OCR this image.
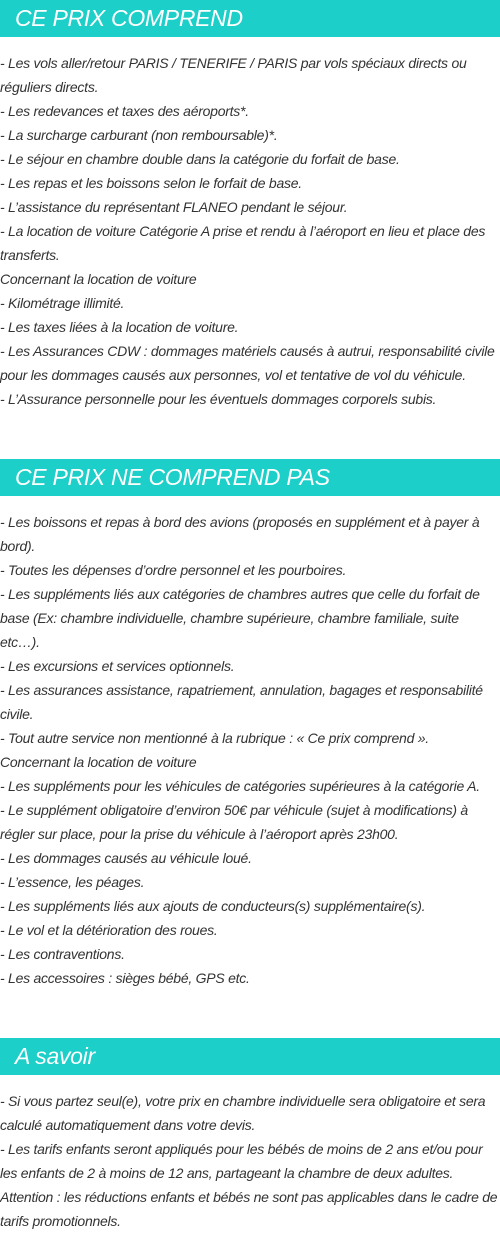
CE PRIX COMPREND
- Les vols aller/retour PARIS / TENERIFE / PARIS par vols spéciaux directs ou réguliers directs.
- Les redevances et taxes des aéroports*.
- La surcharge carburant (non remboursable)*.
- Le séjour en chambre double dans la catégorie du forfait de base.
- Les repas et les boissons selon le forfait de base.
- L’assistance du représentant FLANEO pendant le séjour.
- La location de voiture Catégorie A prise et rendu à l’aéroport en lieu et place des transferts.
Concernant la location de voiture
- Kilométrage illimité.
- Les taxes liées à la location de voiture.
- Les Assurances CDW : dommages matériels causés à autrui, responsabilité civile pour les dommages causés aux personnes, vol et tentative de vol du véhicule.
- L’Assurance personnelle pour les éventuels dommages corporels subis.
CE PRIX NE COMPREND PAS
- Les boissons et repas à bord des avions (proposés en supplément et à payer à bord).
- Toutes les dépenses d’ordre personnel et les pourboires.
- Les suppléments liés aux catégories de chambres autres que celle du forfait de base (Ex: chambre individuelle, chambre supérieure, chambre familiale, suite etc…).
- Les excursions et services optionnels.
- Les assurances assistance, rapatriement, annulation, bagages et responsabilité civile.
- Tout autre service non mentionné à la rubrique : « Ce prix comprend ».
Concernant la location de voiture
- Les suppléments pour les véhicules de catégories supérieures à la catégorie A.
- Le supplément obligatoire d’environ 50€ par véhicule (sujet à modifications) à régler sur place, pour la prise du véhicule à l’aéroport après 23h00.
- Les dommages causés au véhicule loué.
- L’essence, les péages.
- Les suppléments liés aux ajouts de conducteurs(s) supplémentaire(s).
- Le vol et la détérioration des roues.
- Les contraventions.
- Les accessoires : sièges bébé, GPS etc.
A savoir
- Si vous partez seul(e), votre prix en chambre individuelle sera obligatoire et sera calculé automatiquement dans votre devis.
- Les tarifs enfants seront appliqués pour les bébés de moins de 2 ans et/ou pour les enfants de 2 à moins de 12 ans, partageant la chambre de deux adultes.
Attention : les réductions enfants et bébés ne sont pas applicables dans le cadre de tarifs promotionnels.
